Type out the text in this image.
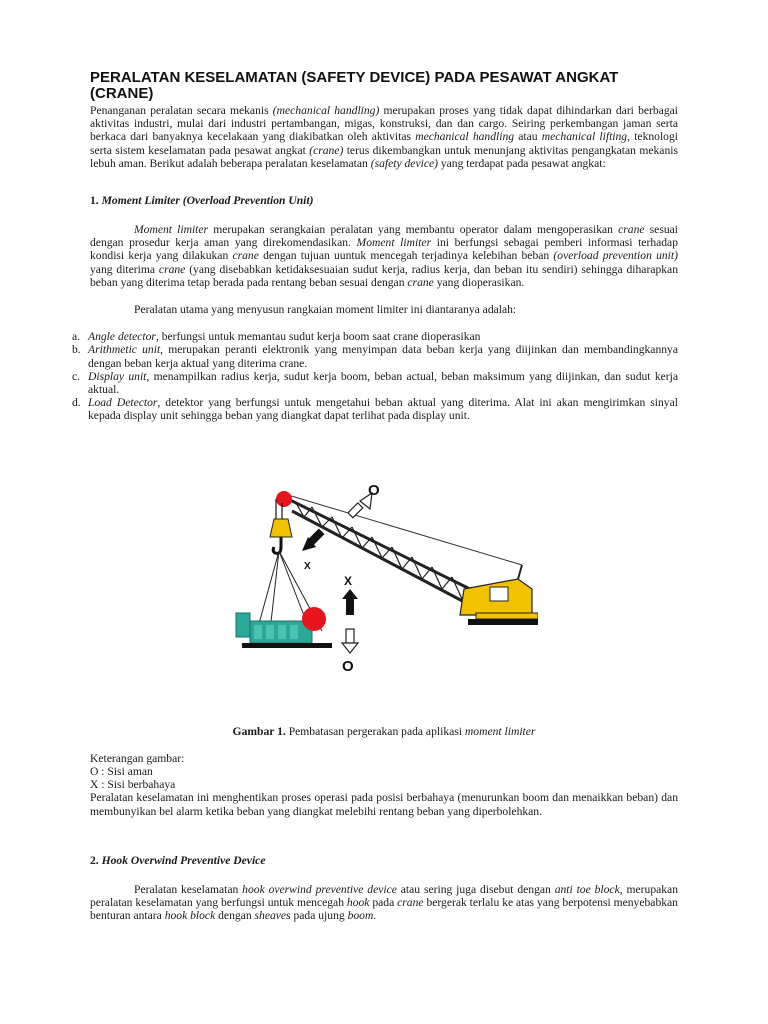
PERALATAN KESELAMATAN (SAFETY DEVICE) PADA PESAWAT ANGKAT (CRANE)

Penanganan peralatan secara mekanis (mechanical handling) merupakan proses yang tidak dapat dihindarkan dari berbagai aktivitas industri, mulai dari industri pertambangan, migas, konstruksi, dan dan cargo. Seiring perkembangan jaman serta berkaca dari banyaknya kecelakaan yang diakibatkan oleh aktivitas mechanical handling atau mechanical lifting, teknologi serta sistem keselamatan pada pesawat angkat (crane) terus dikembangkan untuk menunjang aktivitas pengangkatan mekanis lebuh aman. Berikut adalah beberapa peralatan keselamatan (safety device) yang terdapat pada pesawat angkat:

1. Moment Limiter (Overload Prevention Unit)

Moment limiter merupakan serangkaian peralatan yang membantu operator dalam mengoperasikan crane sesuai dengan prosedur kerja aman yang direkomendasikan. Moment limiter ini berfungsi sebagai pemberi informasi terhadap kondisi kerja yang dilakukan crane dengan tujuan uuntuk mencegah terjadinya kelebihan beban (overload prevention unit) yang diterima crane (yang disebabkan ketidaksesuaian sudut kerja, radius kerja, dan beban itu sendiri) sehingga diharapkan beban yang diterima tetap berada pada rentang beban sesuai dengan crane yang dioperasikan.

Peralatan utama yang menyusun rangkaian moment limiter ini diantaranya adalah:

a. Angle detector, berfungsi untuk memantau sudut kerja boom saat crane dioperasikan
b. Arithmetic unit, merupakan peranti elektronik yang menyimpan data beban kerja yang diijinkan dan membandingkannya dengan beban kerja aktual yang diterima crane.
c. Display unit, menampilkan radius kerja, sudut kerja boom, beban actual, beban maksimum yang diijinkan, dan sudut kerja aktual.
d. Load Detector, detektor yang berfungsi untuk mengetahui beban aktual yang diterima. Alat ini akan mengirimkan sinyal kepada display unit sehingga beban yang diangkat dapat terlihat pada display unit.
O
X
X
O

Gambar 1. Pembatasan pergerakan pada aplikasi moment limiter

Keterangan gambar:

O : Sisi aman

X : Sisi berbahaya

Peralatan keselamatan ini menghentikan proses operasi pada posisi berbahaya (menurunkan boom dan menaikkan beban) dan membunyikan bel alarm ketika beban yang diangkat melebihi rentang beban yang diperbolehkan.

2. Hook Overwind Preventive Device

Peralatan keselamatan hook overwind preventive device atau sering juga disebut dengan anti toe block, merupakan peralatan keselamatan yang berfungsi untuk mencegah hook pada crane bergerak terlalu ke atas yang berpotensi menyebabkan benturan antara hook block dengan sheaves pada ujung boom.
